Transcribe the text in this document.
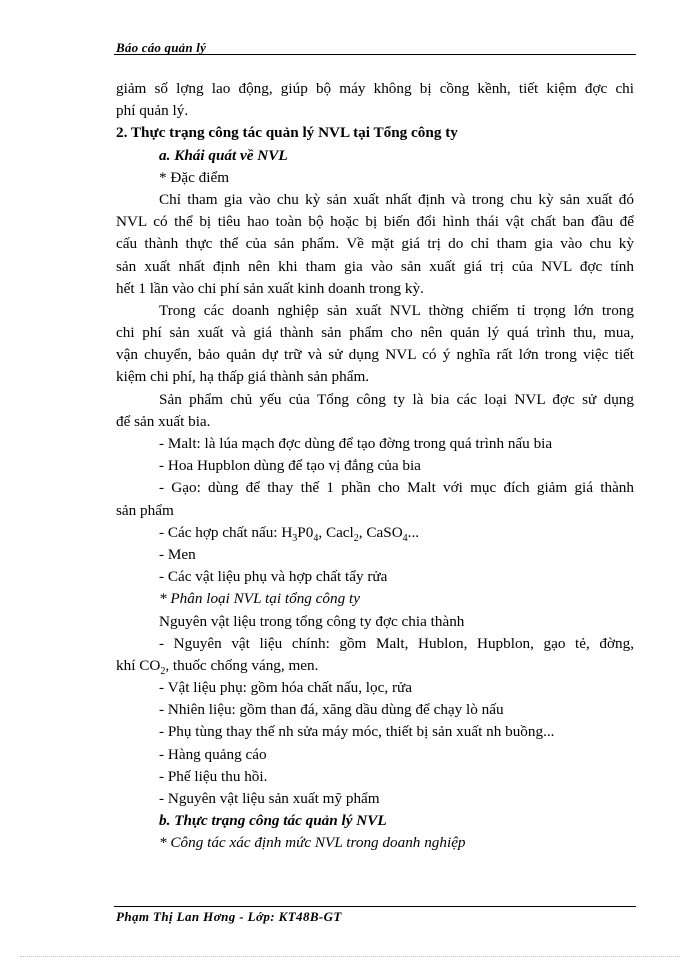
Báo cáo quản lý
giảm số lợng lao động, giúp bộ máy không bị cồng kềnh, tiết kiệm đợc chi
phí quản lý.
2. Thực trạng công tác quản lý NVL tại Tổng công ty
a. Khái quát về NVL
* Đặc điểm
Chỉ tham gia vào chu kỳ sản xuất nhất định và trong chu kỳ sản xuất đó
NVL có thể bị tiêu hao toàn bộ hoặc bị biến đổi hình thái vật chất ban đầu để
cấu thành thực thể của sản phẩm. Về mặt giá trị do chỉ tham gia vào chu kỳ
sản xuất nhất định nên khi tham gia vào sản xuất giá trị của NVL đợc tính
hết 1 lần vào chi phí sản xuất kinh doanh trong kỳ.
Trong các doanh nghiệp sản xuất NVL thờng chiếm tỉ trọng lớn trong
chi phí sản xuất và giá thành sản phẩm cho nên quản lý quá trình thu, mua,
vận chuyển, bảo quản dự trữ và sử dụng NVL có ý nghĩa rất lớn trong việc tiết
kiệm chi phí, hạ thấp giá thành sản phẩm.
Sản phẩm chủ yếu của Tổng công ty là bia các loại NVL đợc sử dụng
để sản xuất bia.
- Malt: là lúa mạch đợc dùng để tạo đờng trong quá trình nấu bia
- Hoa Hupblon dùng để tạo vị đắng của bia
- Gạo: dùng để thay thế 1 phần cho Malt với mục đích giảm giá thành
sản phẩm
- Các hợp chất nấu: $H_3P0_4$, Cacl$_2$, CaSO$_4$...
- Men
- Các vật liệu phụ và hợp chất tẩy rửa
* Phân loại NVL tại tổng công ty
Nguyên vật liệu trong tổng công ty đợc chia thành
- Nguyên vật liệu chính: gồm Malt, Hublon, Hupblon, gạo tẻ, đờng,
khí $CO_2$, thuốc chống váng, men.
- Vật liệu phụ: gồm hóa chất nấu, lọc, rửa
- Nhiên liệu: gồm than đá, xăng dầu dùng để chạy lò nấu
- Phụ tùng thay thế nh sửa máy móc, thiết bị sản xuất nh buồng...
- Hàng quảng cáo
- Phế liệu thu hồi.
- Nguyên vật liệu sản xuất mỹ phẩm
b. Thực trạng công tác quản lý NVL
* Công tác xác định mức NVL trong doanh nghiệp
Phạm Thị Lan Hơng - Lớp: KT48B-GT
